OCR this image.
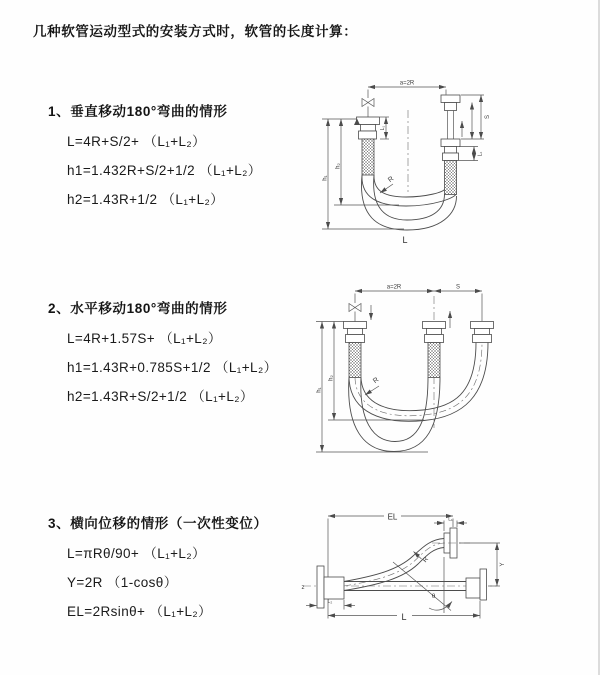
几种软管运动型式的安装方式时，软管的长度计算：
1、垂直移动180°弯曲的情形
L=4R+S/2+ （L₁+L₂）
h1=1.432R+S/2+1/2 （L₁+L₂）
h2=1.43R+1/2 （L₁+L₂）
2、水平移动180°弯曲的情形
L=4R+1.57S+ （L₁+L₂）
h1=1.43R+0.785S+1/2 （L₁+L₂）
h2=1.43R+S/2+1/2 （L₁+L₂）
3、横向位移的情形（一次性变位）
L=πRθ/90+ （L₁+L₂）
Y=2R （1-cosθ）
EL=2Rsinθ+ （L₁+L₂）
a=2R
L₁
S
L₂
h₁
h₂
R
L
a=2R	S
h₁
h₂	R
EL	L₁
z
θ
R
Y
L₂
L
